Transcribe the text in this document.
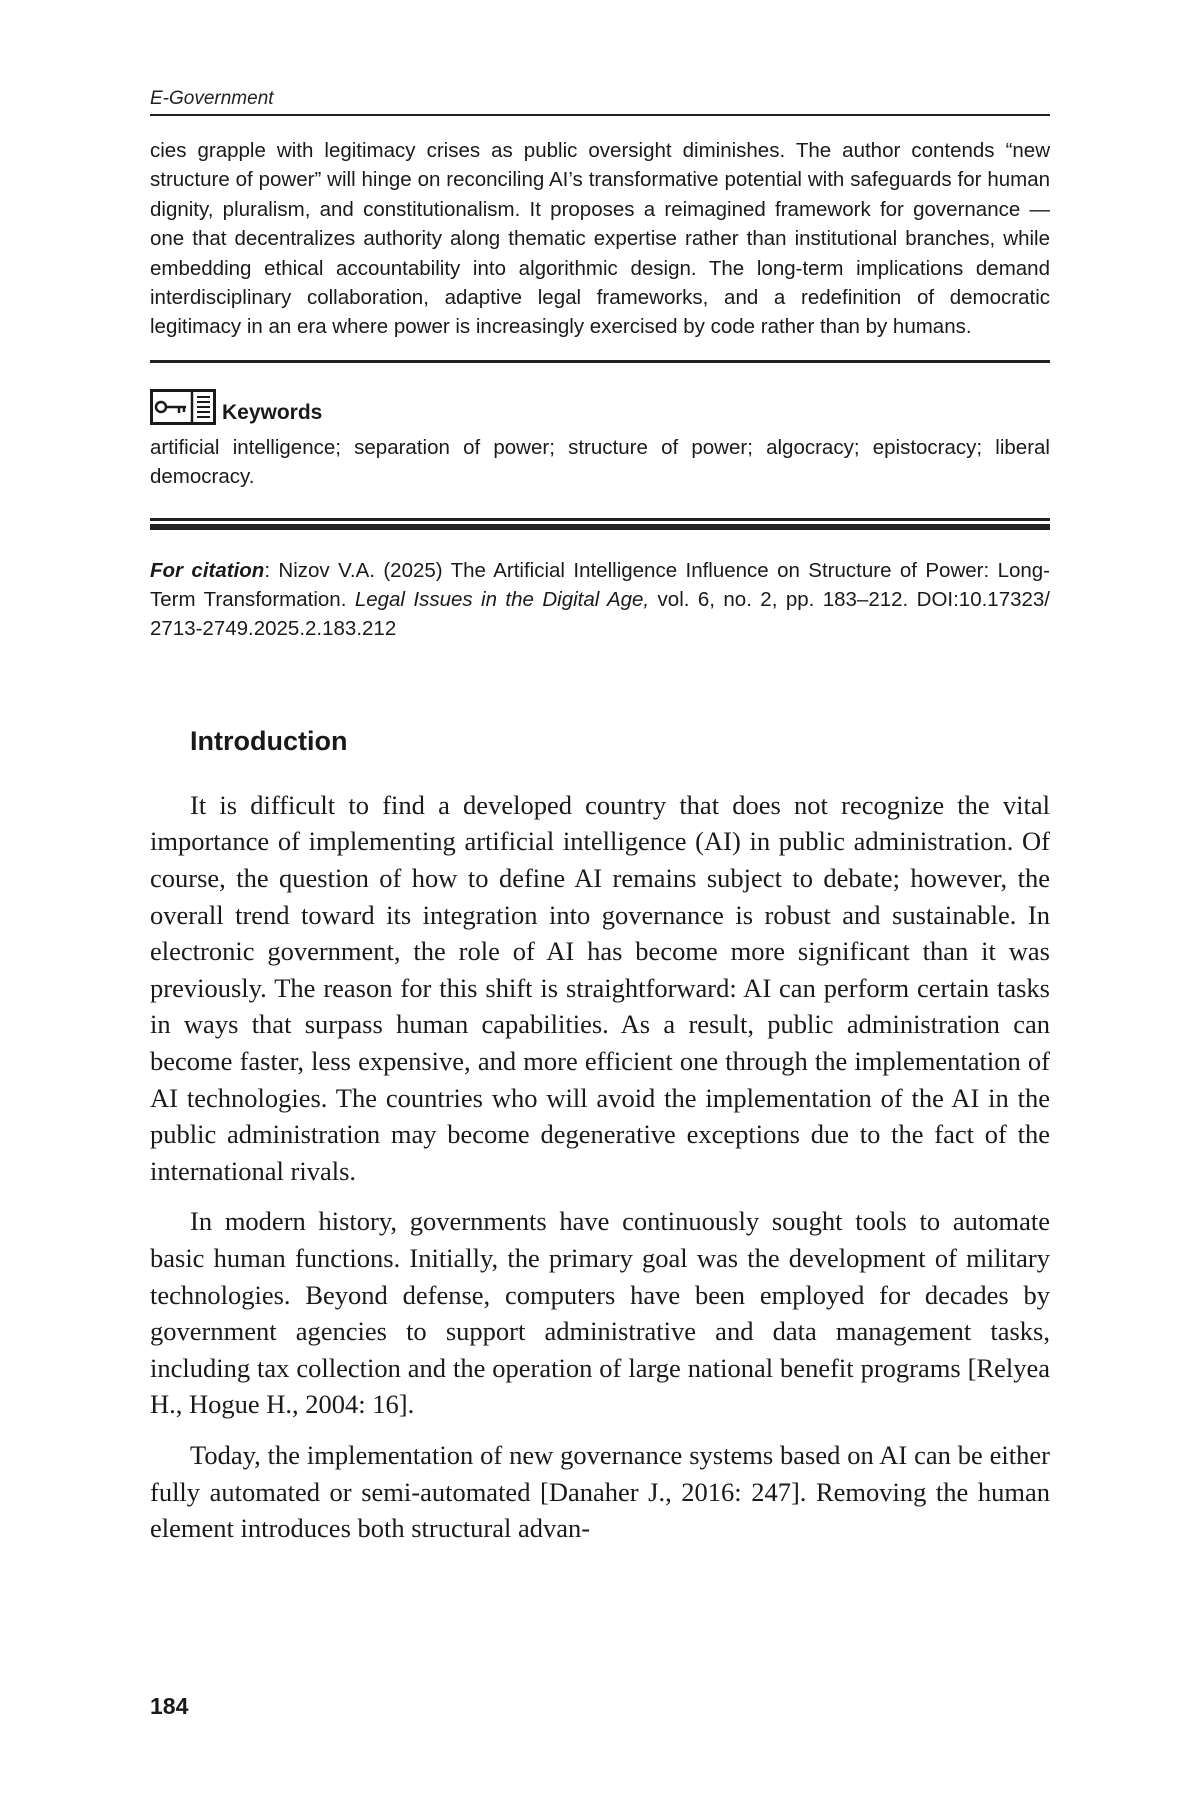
E-Government
cies grapple with legitimacy crises as public oversight diminishes. The author contends “new structure of power” will hinge on reconciling AI’s transformative potential with safeguards for human dignity, pluralism, and constitutionalism. It proposes a reimagined framework for governance — one that decentralizes authority along thematic expertise rather than institutional branches, while embedding ethical accountability into algorithmic design. The long-term implications demand interdisciplinary collaboration, adaptive legal frameworks, and a redefinition of democratic legitimacy in an era where power is increasingly exercised by code rather than by humans.
Keywords
artificial intelligence; separation of power; structure of power; algocracy; epistocracy; liberal democracy.
For citation: Nizov V.A. (2025) The Artificial Intelligence Influence on Structure of Power: Long-Term Transformation. Legal Issues in the Digital Age, vol. 6, no. 2, pp. 183–212. DOI:10.17323/ 2713-2749.2025.2.183.212
Introduction

It is difficult to find a developed country that does not recognize the vital importance of implementing artificial intelligence (AI) in public administration. Of course, the question of how to define AI remains subject to debate; however, the overall trend toward its integration into governance is robust and sustainable. In electronic government, the role of AI has become more significant than it was previously. The reason for this shift is straightforward: AI can perform certain tasks in ways that surpass human capabilities. As a result, public administration can become faster, less expensive, and more efficient one through the implementation of AI technologies. The countries who will avoid the implementation of the AI in the public administration may become degenerative exceptions due to the fact of the international rivals.

In modern history, governments have continuously sought tools to automate basic human functions. Initially, the primary goal was the development of military technologies. Beyond defense, computers have been employed for decades by government agencies to support administrative and data management tasks, including tax collection and the operation of large national benefit programs [Relyea H., Hogue H., 2004: 16].

Today, the implementation of new governance systems based on AI can be either fully automated or semi-automated [Danaher J., 2016: 247]. Removing the human element introduces both structural advan-

184
